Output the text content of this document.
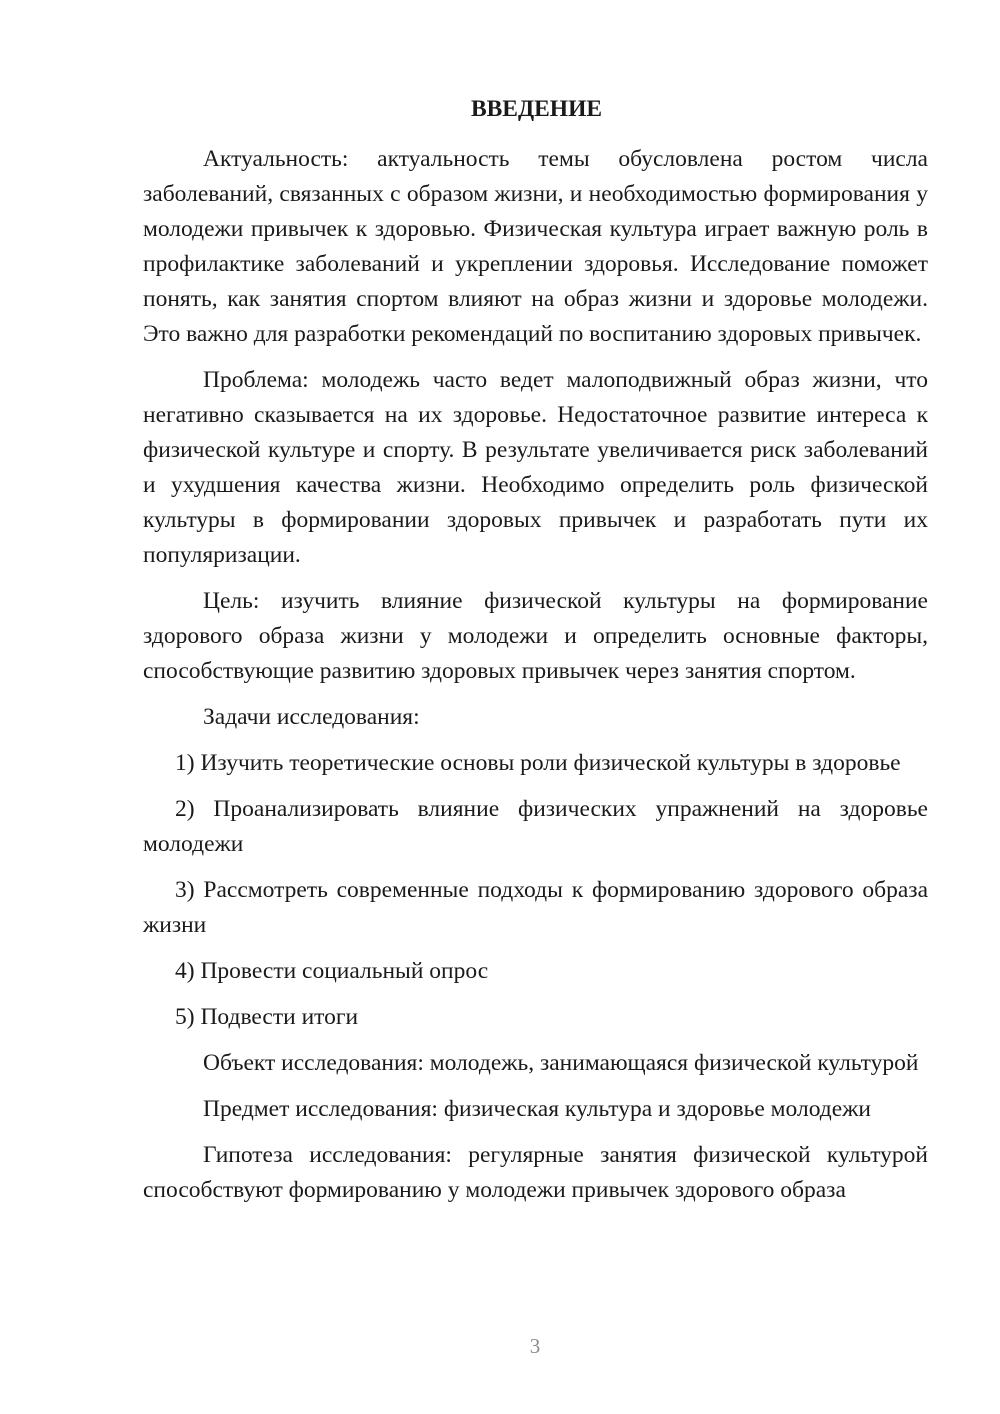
ВВЕДЕНИЕ

Актуальность: актуальность темы обусловлена ростом числа заболеваний, связанных с образом жизни, и необходимостью формирования у молодежи привычек к здоровью. Физическая культура играет важную роль в профилактике заболеваний и укреплении здоровья. Исследование поможет понять, как занятия спортом влияют на образ жизни и здоровье молодежи. Это важно для разработки рекомендаций по воспитанию здоровых привычек.

Проблема: молодежь часто ведет малоподвижный образ жизни, что негативно сказывается на их здоровье. Недостаточное развитие интереса к физической культуре и спорту. В результате увеличивается риск заболеваний и ухудшения качества жизни. Необходимо определить роль физической культуры в формировании здоровых привычек и разработать пути их популяризации.

Цель: изучить влияние физической культуры на формирование здорового образа жизни у молодежи и определить основные факторы, способствующие развитию здоровых привычек через занятия спортом.

Задачи исследования:

1) Изучить теоретические основы роли физической культуры в здоровье

2) Проанализировать влияние физических упражнений на здоровье молодежи

3) Рассмотреть современные подходы к формированию здорового образа жизни

4) Провести социальный опрос

5) Подвести итоги

Объект исследования: молодежь, занимающаяся физической культурой

Предмет исследования: физическая культура и здоровье молодежи

Гипотеза исследования: регулярные занятия физической культурой способствуют формированию у молодежи привычек здорового образа

3
